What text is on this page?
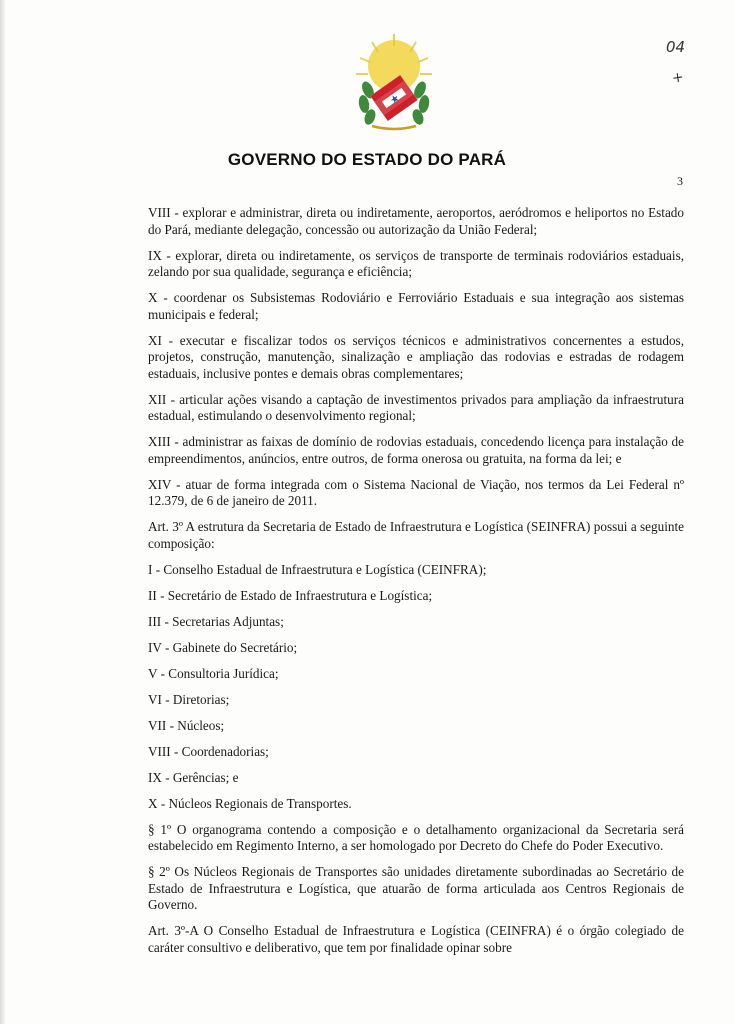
04
+
GOVERNO DO ESTADO DO PARÁ
3

VIII - explorar e administrar, direta ou indiretamente, aeroportos, aeródromos e heliportos no Estado do Pará, mediante delegação, concessão ou autorização da União Federal;

IX - explorar, direta ou indiretamente, os serviços de transporte de terminais rodoviários estaduais, zelando por sua qualidade, segurança e eficiência;

X - coordenar os Subsistemas Rodoviário e Ferroviário Estaduais e sua integração aos sistemas municipais e federal;

XI - executar e fiscalizar todos os serviços técnicos e administrativos concernentes a estudos, projetos, construção, manutenção, sinalização e ampliação das rodovias e estradas de rodagem estaduais, inclusive pontes e demais obras complementares;

XII - articular ações visando a captação de investimentos privados para ampliação da infraestrutura estadual, estimulando o desenvolvimento regional;

XIII - administrar as faixas de domínio de rodovias estaduais, concedendo licença para instalação de empreendimentos, anúncios, entre outros, de forma onerosa ou gratuita, na forma da lei; e

XIV - atuar de forma integrada com o Sistema Nacional de Viação, nos termos da Lei Federal nº 12.379, de 6 de janeiro de 2011.

Art. 3º A estrutura da Secretaria de Estado de Infraestrutura e Logística (SEINFRA) possui a seguinte composição:

I - Conselho Estadual de Infraestrutura e Logística (CEINFRA);

II - Secretário de Estado de Infraestrutura e Logística;

III - Secretarias Adjuntas;

IV - Gabinete do Secretário;

V - Consultoria Jurídica;

VI - Diretorias;

VII - Núcleos;

VIII - Coordenadorias;

IX - Gerências; e

X - Núcleos Regionais de Transportes.

§ 1º O organograma contendo a composição e o detalhamento organizacional da Secretaria será estabelecido em Regimento Interno, a ser homologado por Decreto do Chefe do Poder Executivo.

§ 2º Os Núcleos Regionais de Transportes são unidades diretamente subordinadas ao Secretário de Estado de Infraestrutura e Logística, que atuarão de forma articulada aos Centros Regionais de Governo.

Art. 3º-A O Conselho Estadual de Infraestrutura e Logística (CEINFRA) é o órgão colegiado de caráter consultivo e deliberativo, que tem por finalidade opinar sobre
